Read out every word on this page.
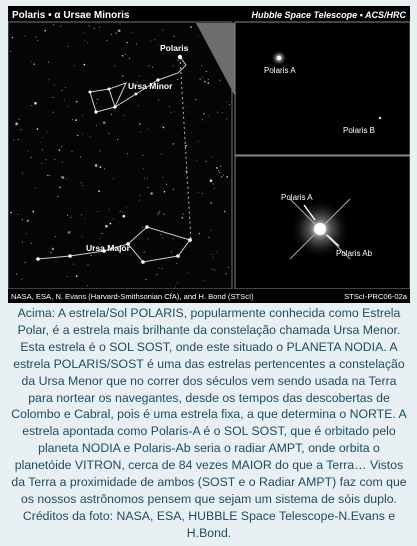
Polaris • α Ursae Minoris	Hubble Space Telescope • ACS/HRC
Polaris
Ursa Minor
Ursa Major
Polaris A
Polaris B
Polaris A
Polaris Ab
NASA, ESA, N. Evans (Harvard-Smithsonian CfA), and H. Bond (STScI)	STScI-PRC06-02a

Acima: A estrela/Sol POLARIS, popularmente conhecida como Estrela Polar, é a estrela mais brilhante da constelação chamada Ursa Menor. Esta estrela é o SOL SOST, onde este situado o PLANETA NODIA. A estrela POLARIS/SOST é uma das estrelas pertencentes a constelação da Ursa Menor que no correr dos séculos vem sendo usada na Terra para nortear os navegantes, desde os tempos das descobertas de Colombo e Cabral, pois é uma estrela fixa, a que determina o NORTE. A estrela apontada como Polaris-A é o SOL SOST, que é orbitado pelo planeta NODIA e Polaris-Ab seria o radiar AMPT, onde orbita o planetóide VITRON, cerca de 84 vezes MAIOR do que a Terra… Vistos da Terra a proximidade de ambos (SOST e o Radiar AMPT) faz com que os nossos astrônomos pensem que sejam um sistema de sóis duplo. Créditos da foto: NASA, ESA, HUBBLE Space Telescope-N.Evans e H.Bond.
